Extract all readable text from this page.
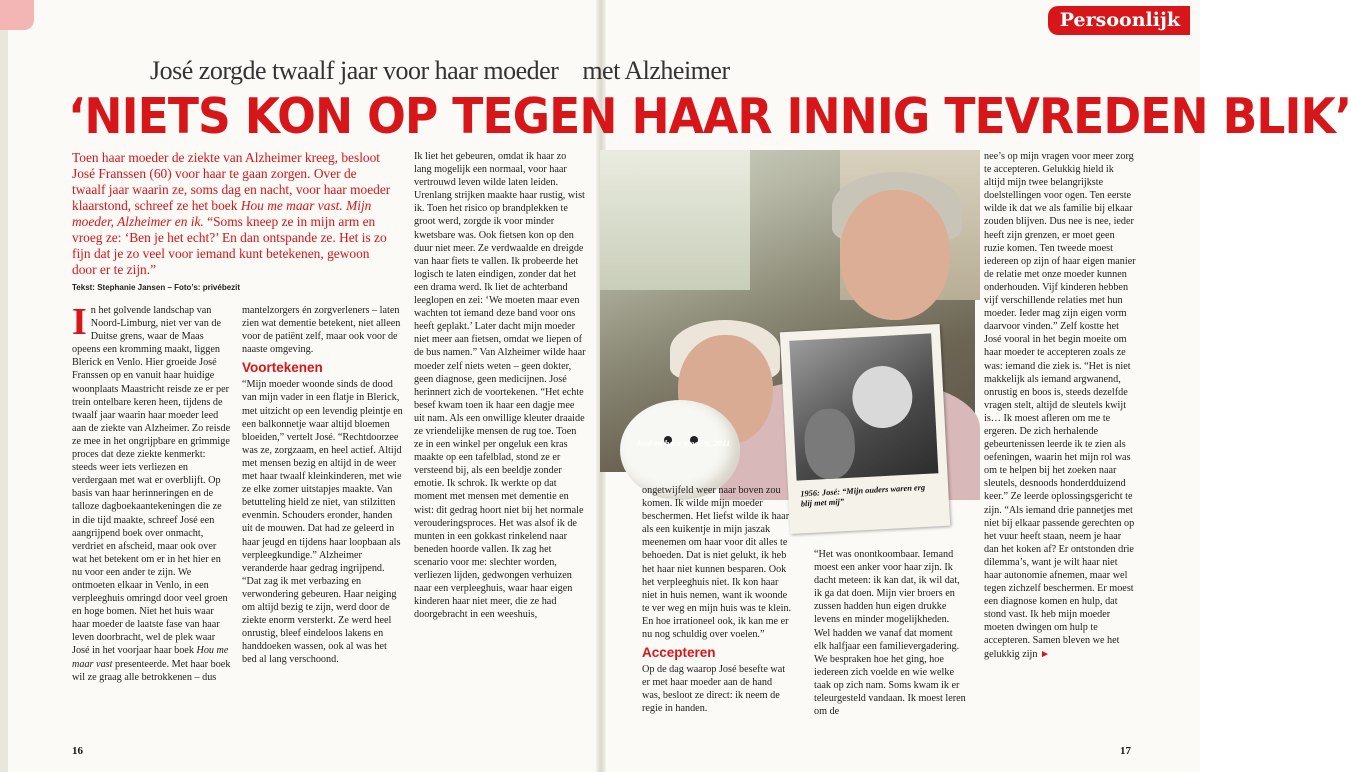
Persoonlijk
José zorgde twaalf jaar voor haar moeder met Alzheimer
‘NIETS KON OP TEGEN HAAR INNIG TEVREDEN BLIK’
Toen haar moeder de ziekte van Alzheimer kreeg, besloot José Franssen (60) voor haar te gaan zorgen. Over de twaalf jaar waarin ze, soms dag en nacht, voor haar moeder klaarstond, schreef ze het boek Hou me maar vast. Mijn moeder, Alzheimer en ik. “Soms kneep ze in mijn arm en vroeg ze: ‘Ben je het echt?’ En dan ontspande ze. Het is zo fijn dat je zo veel voor iemand kunt betekenen, gewoon door er te zijn.”
Tekst: Stephanie Jansen – Foto’s: privébezit
I n het golvende landschap van Noord-Limburg, niet ver van de Duitse grens, waar de Maas opeens een kromming maakt, liggen Blerick en Venlo. Hier groeide José Franssen op en vanuit haar huidige woonplaats Maastricht reisde ze er per trein ontelbare keren heen, tijdens de twaalf jaar waarin haar moeder leed aan de ziekte van Alzheimer. Zo reisde ze mee in het ongrijpbare en grimmige proces dat deze ziekte kenmerkt: steeds weer iets verliezen en verdergaan met wat er overblijft. Op basis van haar herinneringen en de talloze dagboekaantekeningen die ze in die tijd maakte, schreef José een aangrijpend boek over onmacht, verdriet en afscheid, maar ook over wat het betekent om er in het hier en nu voor een ander te zijn. We ontmoeten elkaar in Venlo, in een verpleeghuis omringd door veel groen en hoge bomen. Niet het huis waar haar moeder de laatste fase van haar leven doorbracht, wel de plek waar José in het voorjaar haar boek Hou me maar vast presenteerde. Met haar boek wil ze graag alle betrokkenen – dus

mantelzorgers én zorgverleners – laten zien wat dementie betekent, niet alleen voor de patiënt zelf, maar ook voor de naaste omgeving.

Voortekenen

“Mijn moeder woonde sinds de dood van mijn vader in een flatje in Blerick, met uitzicht op een levendig pleintje en een balkonnetje waar altijd bloemen bloeiden,” vertelt José. “Rechtdoorzee was ze, zorgzaam, en heel actief. Altijd met mensen bezig en altijd in de weer met haar twaalf kleinkinderen, met wie ze elke zomer uitstapjes maakte. Van betutteling hield ze niet, van stilzitten evenmin. Schouders eronder, handen uit de mouwen. Dat had ze geleerd in haar jeugd en tijdens haar loopbaan als verpleegkundige.” Alzheimer veranderde haar gedrag ingrijpend. “Dat zag ik met verbazing en verwondering gebeuren. Haar neiging om altijd bezig te zijn, werd door de ziekte enorm versterkt. Ze werd heel onrustig, bleef eindeloos lakens en handdoeken wassen, ook al was het bed al lang verschoond.

Ik liet het gebeuren, omdat ik haar zo lang mogelijk een normaal, voor haar vertrouwd leven wilde laten leiden. Urenlang strijken maakte haar rustig, wist ik. Toen het risico op brandplekken te groot werd, zorgde ik voor minder kwetsbare was. Ook fietsen kon op den duur niet meer. Ze verdwaalde en dreigde van haar fiets te vallen. Ik probeerde het logisch te laten eindigen, zonder dat het een drama werd. Ik liet de achterband leeglopen en zei: ‘We moeten maar even wachten tot iemand deze band voor ons heeft geplakt.’ Later dacht mijn moeder niet meer aan fietsen, omdat we liepen of de bus namen.” Van Alzheimer wilde haar moeder zelf niets weten – geen dokter, geen diagnose, geen medicijnen. José herinnert zich de voortekenen. “Het echte besef kwam toen ik haar een dagje mee uit nam. Als een onwillige kleuter draaide ze vriendelijke mensen de rug toe. Toen ze in een winkel per ongeluk een kras maakte op een tafelblad, stond ze er versteend bij, als een beeldje zonder emotie. Ik schrok. Ik werkte op dat moment met mensen met dementie en wist: dit gedrag hoort niet bij het normale verouderingsproces. Het was alsof ik de munten in een gokkast rinkelend naar beneden hoorde vallen. Ik zag het scenario voor me: slechter worden, verliezen lijden, gedwongen verhuizen naar een verpleeghuis, waar haar eigen kinderen haar niet meer, die ze had doorgebracht in een weeshuis,

José en haar moeder, 2011
1956: José: “Mijn ouders waren erg blij met mij”

ongetwijfeld weer naar boven zou komen. Ik wilde mijn moeder beschermen. Het liefst wilde ik haar als een kuikentje in mijn jaszak meenemen om haar voor dit alles te behoeden. Dat is niet gelukt, ik heb het haar niet kunnen besparen. Ook het verpleeghuis niet. Ik kon haar niet in huis nemen, want ik woonde te ver weg en mijn huis was te klein. En hoe irrationeel ook, ik kan me er nu nog schuldig over voelen.”

Accepteren

Op de dag waarop José besefte wat er met haar moeder aan de hand was, besloot ze direct: ik neem de regie in handen.

“Het was onontkoombaar. Iemand moest een anker voor haar zijn. Ik dacht meteen: ik kan dat, ik wil dat, ik ga dat doen. Mijn vier broers en zussen hadden hun eigen drukke levens en minder mogelijkheden. Wel hadden we vanaf dat moment elk halfjaar een familievergadering. We bespraken hoe het ging, hoe iedereen zich voelde en wie welke taak op zich nam. Soms kwam ik er teleurgesteld vandaan. Ik moest leren om de

nee’s op mijn vragen voor meer zorg te accepteren. Gelukkig hield ik altijd mijn twee belangrijkste doelstellingen voor ogen. Ten eerste wilde ik dat we als familie bij elkaar zouden blijven. Dus nee is nee, ieder heeft zijn grenzen, er moet geen ruzie komen. Ten tweede moest iedereen op zijn of haar eigen manier de relatie met onze moeder kunnen onderhouden. Vijf kinderen hebben vijf verschillende relaties met hun moeder. Ieder mag zijn eigen vorm daarvoor vinden.” Zelf kostte het José vooral in het begin moeite om haar moeder te accepteren zoals ze was: iemand die ziek is. “Het is niet makkelijk als iemand argwanend, onrustig en boos is, steeds dezelfde vragen stelt, altijd de sleutels kwijt is… Ik moest afleren om me te ergeren. De zich herhalende gebeurtenissen leerde ik te zien als oefeningen, waarin het mijn rol was om te helpen bij het zoeken naar sleutels, desnoods honderdduizend keer.” Ze leerde oplossingsgericht te zijn. “Als iemand drie pannetjes met niet bij elkaar passende gerechten op het vuur heeft staan, neem je haar dan het koken af? Er ontstonden drie dilemma’s, want je wilt haar niet haar autonomie afnemen, maar wel tegen zichzelf beschermen. Er moest een diagnose komen en hulp, dat stond vast. Ik heb mijn moeder moeten dwingen om hulp te accepteren. Samen bleven we het gelukkig zijn ►

16	17
